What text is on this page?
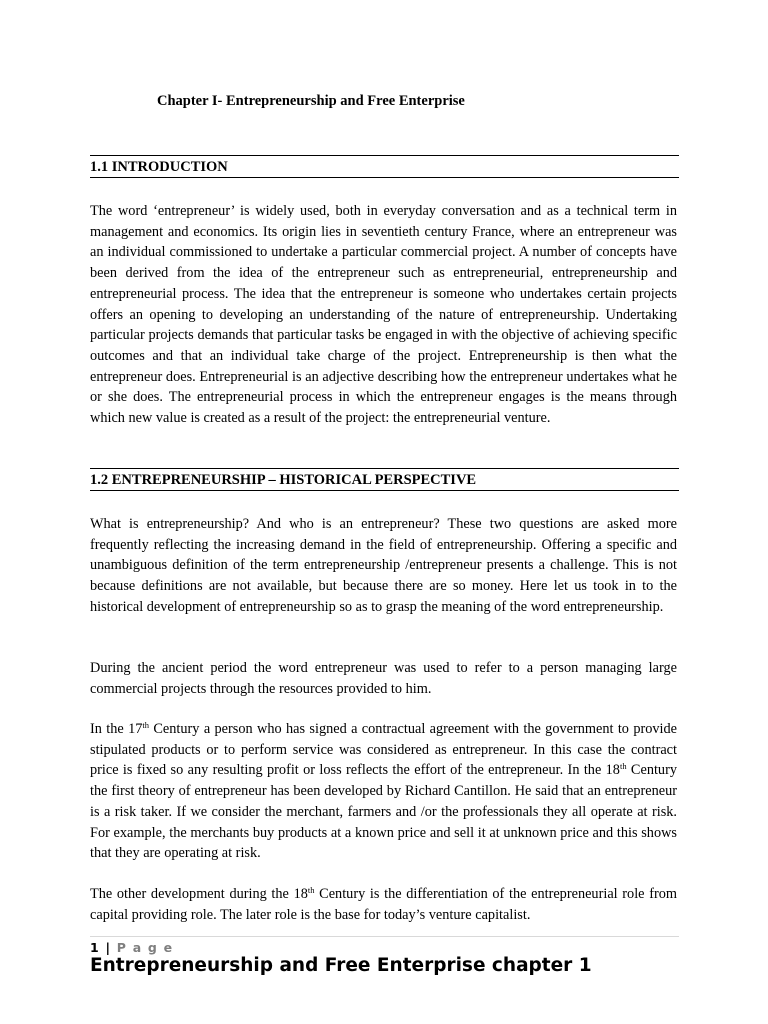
Chapter I- Entrepreneurship and Free Enterprise
1.1 INTRODUCTION

The word ‘entrepreneur’ is widely used, both in everyday conversation and as a technical term in management and economics. Its origin lies in seventieth century France, where an entrepreneur was an individual commissioned to undertake a particular commercial project. A number of concepts have been derived from the idea of the entrepreneur such as entrepreneurial, entrepreneurship and entrepreneurial process. The idea that the entrepreneur is someone who undertakes certain projects offers an opening to developing an understanding of the nature of entrepreneurship. Undertaking particular projects demands that particular tasks be engaged in with the objective of achieving specific outcomes and that an individual take charge of the project. Entrepreneurship is then what the entrepreneur does. Entrepreneurial is an adjective describing how the entrepreneur undertakes what he or she does. The entrepreneurial process in which the entrepreneur engages is the means through which new value is created as a result of the project: the entrepreneurial venture.

1.2 ENTREPRENEURSHIP – HISTORICAL PERSPECTIVE

What is entrepreneurship? And who is an entrepreneur? These two questions are asked more frequently reflecting the increasing demand in the field of entrepreneurship. Offering a specific and unambiguous definition of the term entrepreneurship /entrepreneur presents a challenge. This is not because definitions are not available, but because there are so money. Here let us took in to the historical development of entrepreneurship so as to grasp the meaning of the word entrepreneurship.

During the ancient period the word entrepreneur was used to refer to a person managing large commercial projects through the resources provided to him.

In the 17th Century a person who has signed a contractual agreement with the government to provide stipulated products or to perform service was considered as entrepreneur. In this case the contract price is fixed so any resulting profit or loss reflects the effort of the entrepreneur. In the 18th Century the first theory of entrepreneur has been developed by Richard Cantillon. He said that an entrepreneur is a risk taker. If we consider the merchant, farmers and /or the professionals they all operate at risk. For example, the merchants buy products at a known price and sell it at unknown price and this shows that they are operating at risk.

The other development during the 18th Century is the differentiation of the entrepreneurial role from capital providing role. The later role is the base for today’s venture capitalist.

1 | P a g e
Entrepreneurship and Free Enterprise chapter 1
